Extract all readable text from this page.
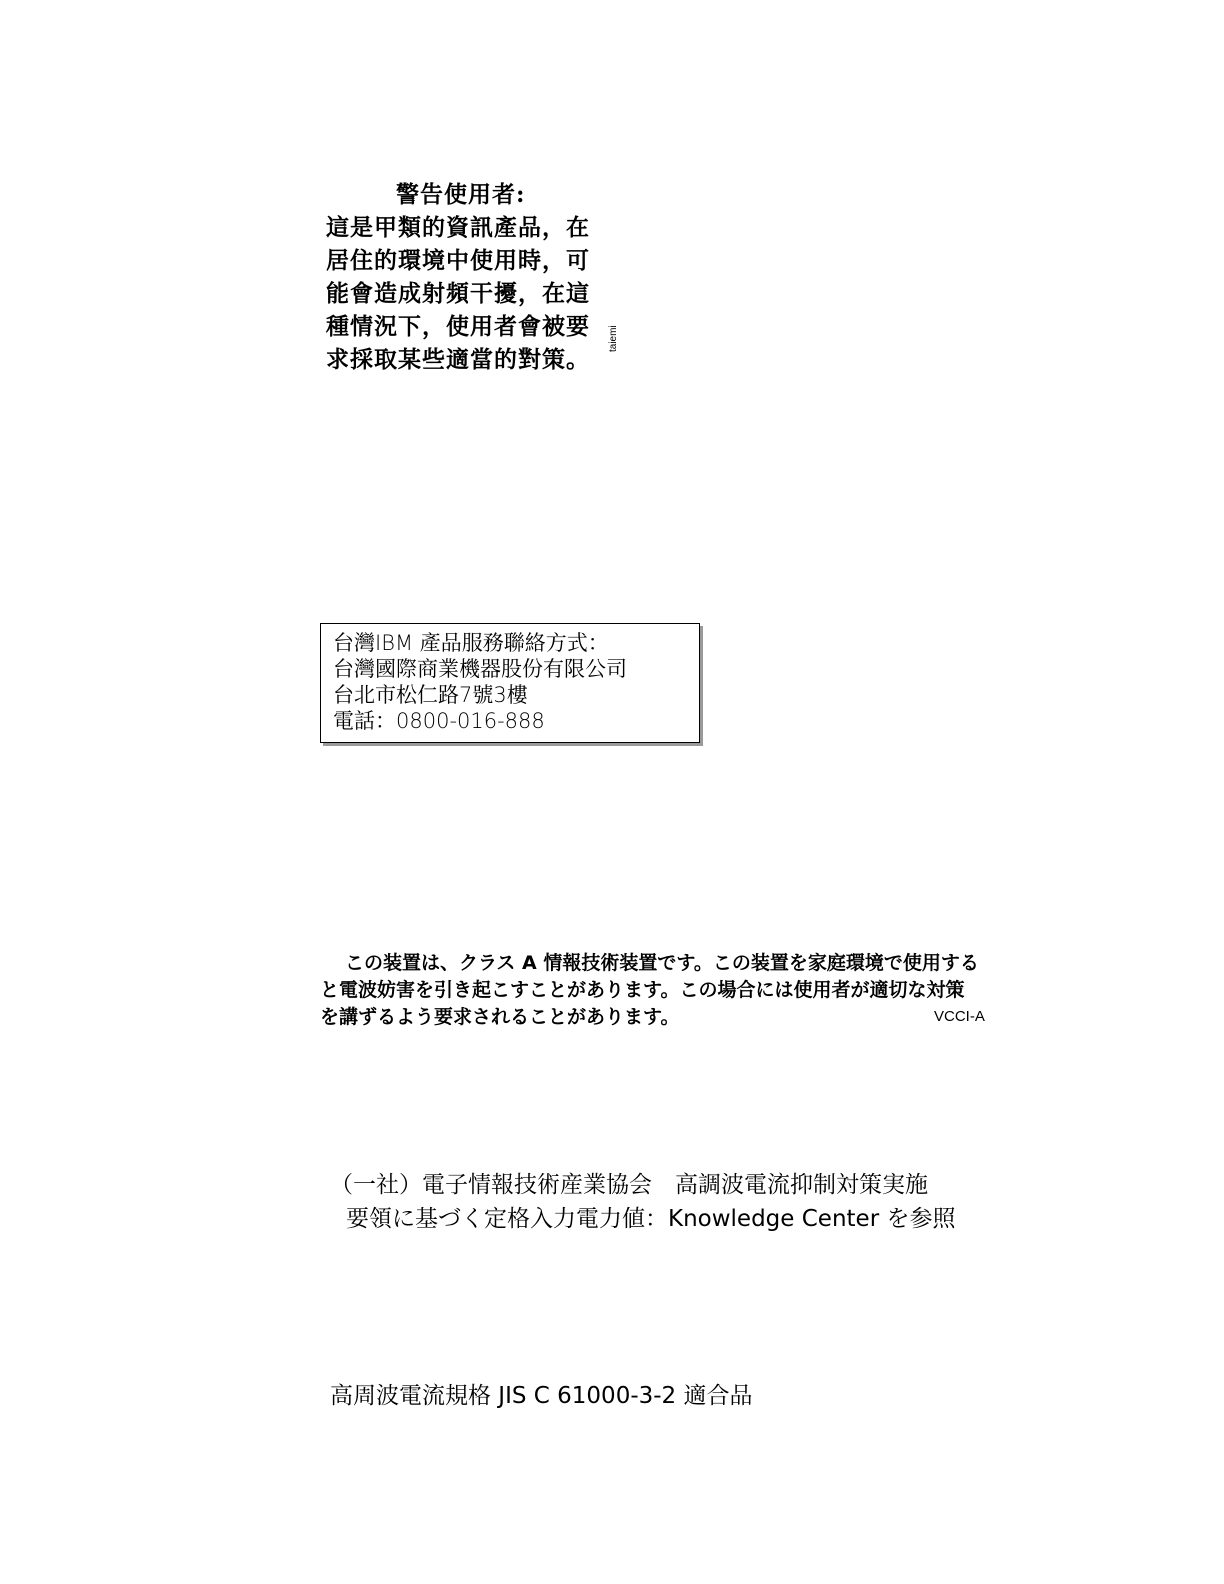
警告使用者:
這是甲類的資訊產品，在
居住的環境中使用時，可
能會造成射頻干擾，在這
種情況下，使用者會被要
求採取某些適當的對策。
taiemi
台灣IBM 產品服務聯絡方式：
台灣國際商業機器股份有限公司
台北市松仁路7號3樓
電話：0800-016-888
この装置は、クラス A 情報技術装置です。この装置を家庭環境で使用する
と電波妨害を引き起こすことがあります。この場合には使用者が適切な対策
を講ずるよう要求されることがあります。	VCCI-A
（一社）電子情報技術産業協会　高調波電流抑制対策実施
要領に基づく定格入力電力値：Knowledge Center を参照
高周波電流規格 JIS C 61000-3-2 適合品
